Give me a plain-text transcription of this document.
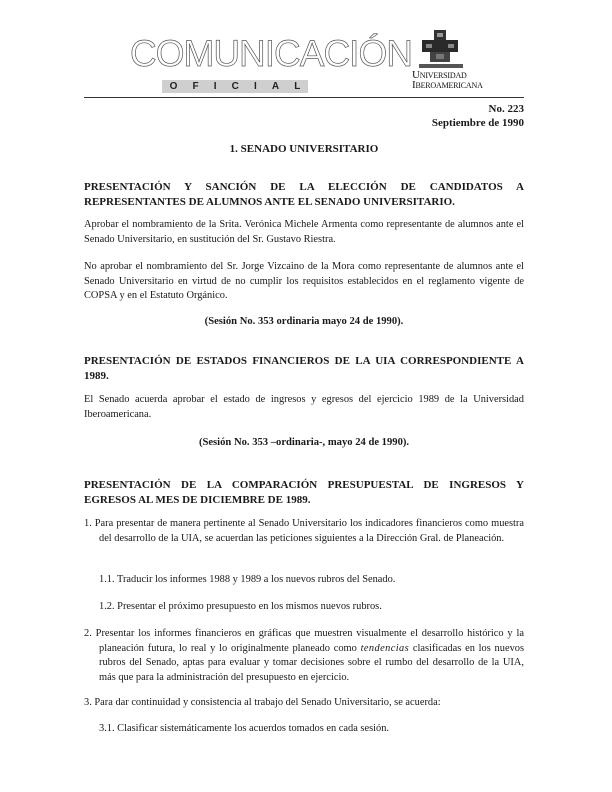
COMUNICACIÓN
O F I C I A L
Universidad
Iberoamericana
No. 223
Septiembre de 1990
1. SENADO UNIVERSITARIO
PRESENTACIÓN Y SANCIÓN DE LA ELECCIÓN DE CANDIDATOS A REPRESENTANTES DE ALUMNOS ANTE EL SENADO UNIVERSITARIO.
Aprobar el nombramiento de la Srita. Verónica Michele Armenta como representante de alumnos ante el Senado Universitario, en sustitución del Sr. Gustavo Riestra.
No aprobar el nombramiento del Sr. Jorge Vizcaino de la Mora como representante de alumnos ante el Senado Universitario en virtud de no cumplir los requisitos establecidos en el reglamento vigente de COPSA y en el Estatuto Orgánico.
(Sesión No. 353 ordinaria mayo 24 de 1990).
PRESENTACIÓN DE ESTADOS FINANCIEROS DE LA UIA CORRESPONDIENTE A 1989.
El Senado acuerda aprobar el estado de ingresos y egresos del ejercicio 1989 de la Universidad Iberoamericana.
(Sesión No. 353 –ordinaria-, mayo 24 de 1990).
PRESENTACIÓN DE LA COMPARACIÓN PRESUPUESTAL DE INGRESOS Y EGRESOS AL MES DE DICIEMBRE DE 1989.
1. Para presentar de manera pertinente al Senado Universitario los indicadores financieros como muestra del desarrollo de la UIA, se acuerdan las peticiones siguientes a la Dirección Gral. de Planeación.
1.1. Traducir los informes 1988 y 1989 a los nuevos rubros del Senado.
1.2. Presentar el próximo presupuesto en los mismos nuevos rubros.
2. Presentar los informes financieros en gráficas que muestren visualmente el desarrollo histórico y la planeación futura, lo real y lo originalmente planeado como tendencias clasificadas en los nuevos rubros del Senado, aptas para evaluar y tomar decisiones sobre el rumbo del desarrollo de la UIA, más que para la administración del presupuesto en ejercicio.
3. Para dar continuidad y consistencia al trabajo del Senado Universitario, se acuerda:
3.1. Clasificar sistemáticamente los acuerdos tomados en cada sesión.
